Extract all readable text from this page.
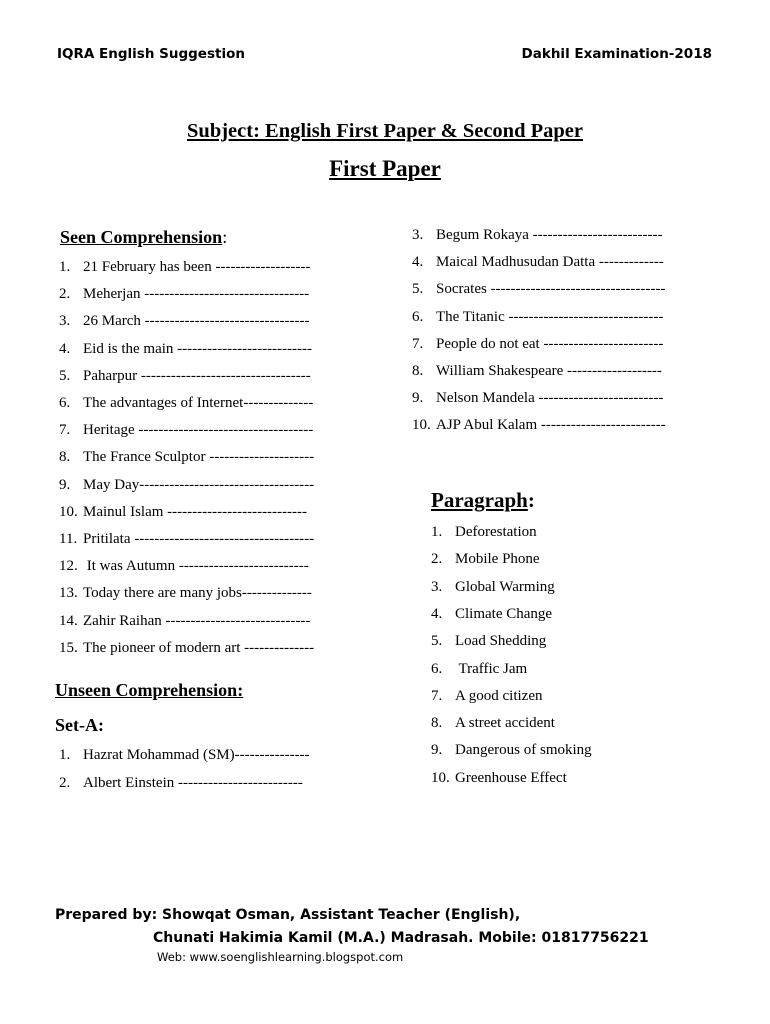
IQRA English Suggestion	Dakhil Examination-2018
Subject: English First Paper & Second Paper
First Paper
Seen Comprehension:
1. 21 February has been -------------------
2. Meherjan ---------------------------------
3. 26 March ---------------------------------
4. Eid is the main ---------------------------
5. Paharpur ----------------------------------
6. The advantages of Internet--------------
7. Heritage -----------------------------------
8. The France Sculptor ---------------------
9. May Day-----------------------------------
10. Mainul Islam ----------------------------
11. Pritilata ------------------------------------
12. It was Autumn --------------------------
13. Today there are many jobs--------------
14. Zahir Raihan -----------------------------
15. The pioneer of modern art --------------
Unseen Comprehension:
Set-A:
1. Hazrat Mohammad (SM)---------------
2. Albert Einstein -------------------------
3. Begum Rokaya --------------------------
4. Maical Madhusudan Datta -------------
5. Socrates -----------------------------------
6. The Titanic -------------------------------
7. People do not eat ------------------------
8. William Shakespeare -------------------
9. Nelson Mandela -------------------------
10. AJP Abul Kalam -------------------------
Paragraph:
1. Deforestation
2. Mobile Phone
3. Global Warming
4. Climate Change
5. Load Shedding
6. Traffic Jam
7. A good citizen
8. A street accident
9. Dangerous of smoking
10. Greenhouse Effect
Prepared by: Showqat Osman, Assistant Teacher (English),
Chunati Hakimia Kamil (M.A.) Madrasah. Mobile: 01817756221
Web: www.soenglishlearning.blogspot.com
